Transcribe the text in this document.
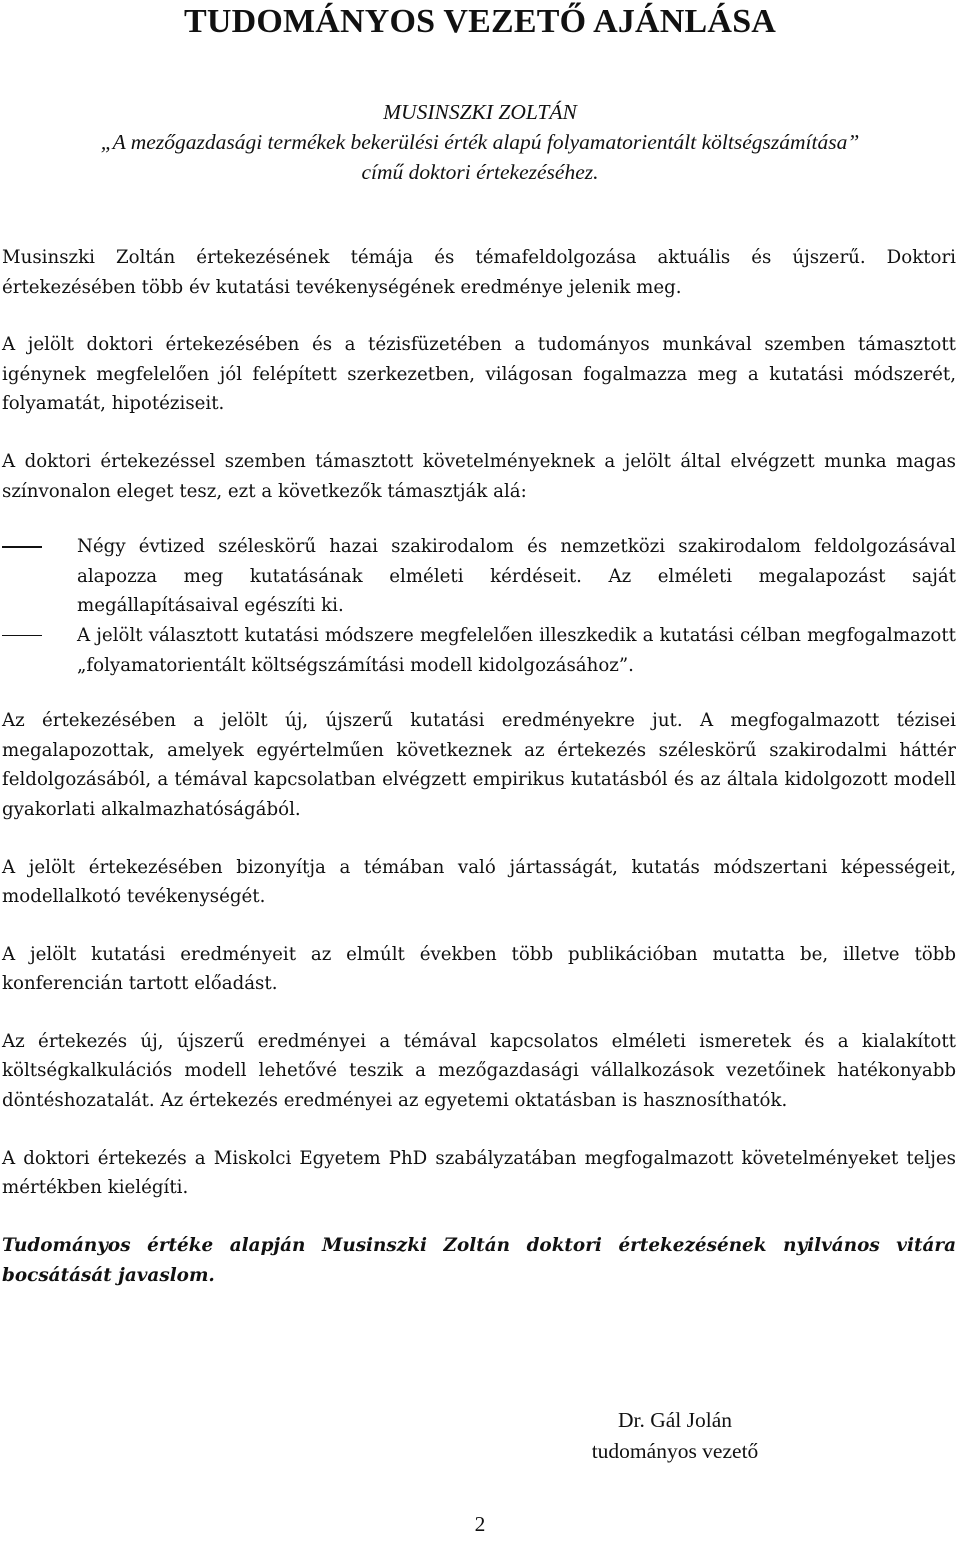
TUDOMÁNYOS VEZETŐ AJÁNLÁSA
MUSINSZKI ZOLTÁN
„A mezőgazdasági termékek bekerülési érték alapú folyamatorientált költségszámítása”
című doktori értekezéséhez.

Musinszki Zoltán értekezésének témája és témafeldolgozása aktuális és újszerű. Doktori értekezésében több év kutatási tevékenységének eredménye jelenik meg.

A jelölt doktori értekezésében és a tézisfüzetében a tudományos munkával szemben támasztott igénynek megfelelően jól felépített szerkezetben, világosan fogalmazza meg a kutatási módszerét, folyamatát, hipotéziseit.

A doktori értekezéssel szemben támasztott követelményeknek a jelölt által elvégzett munka magas színvonalon eleget tesz, ezt a következők támasztják alá:

Négy évtized széleskörű hazai szakirodalom és nemzetközi szakirodalom feldolgozásával alapozza meg kutatásának elméleti kérdéseit. Az elméleti megalapozást saját megállapításaival egészíti ki.
A jelölt választott kutatási módszere megfelelően illeszkedik a kutatási célban megfogalmazott „folyamatorientált költségszámítási modell kidolgozásához”.

Az értekezésében a jelölt új, újszerű kutatási eredményekre jut. A megfogalmazott tézisei megalapozottak, amelyek egyértelműen következnek az értekezés széleskörű szakirodalmi háttér feldolgozásából, a témával kapcsolatban elvégzett empirikus kutatásból és az általa kidolgozott modell gyakorlati alkalmazhatóságából.

A jelölt értekezésében bizonyítja a témában való jártasságát, kutatás módszertani képességeit, modellalkotó tevékenységét.

A jelölt kutatási eredményeit az elmúlt években több publikációban mutatta be, illetve több konferencián tartott előadást.

Az értekezés új, újszerű eredményei a témával kapcsolatos elméleti ismeretek és a kialakított költségkalkulációs modell lehetővé teszik a mezőgazdasági vállalkozások vezetőinek hatékonyabb döntéshozatalát. Az értekezés eredményei az egyetemi oktatásban is hasznosíthatók.

A doktori értekezés a Miskolci Egyetem PhD szabályzatában megfogalmazott követelményeket teljes mértékben kielégíti.

Tudományos értéke alapján Musinszki Zoltán doktori értekezésének nyilvános vitára bocsátását javaslom.

Dr. Gál Jolán
tudományos vezető
2
